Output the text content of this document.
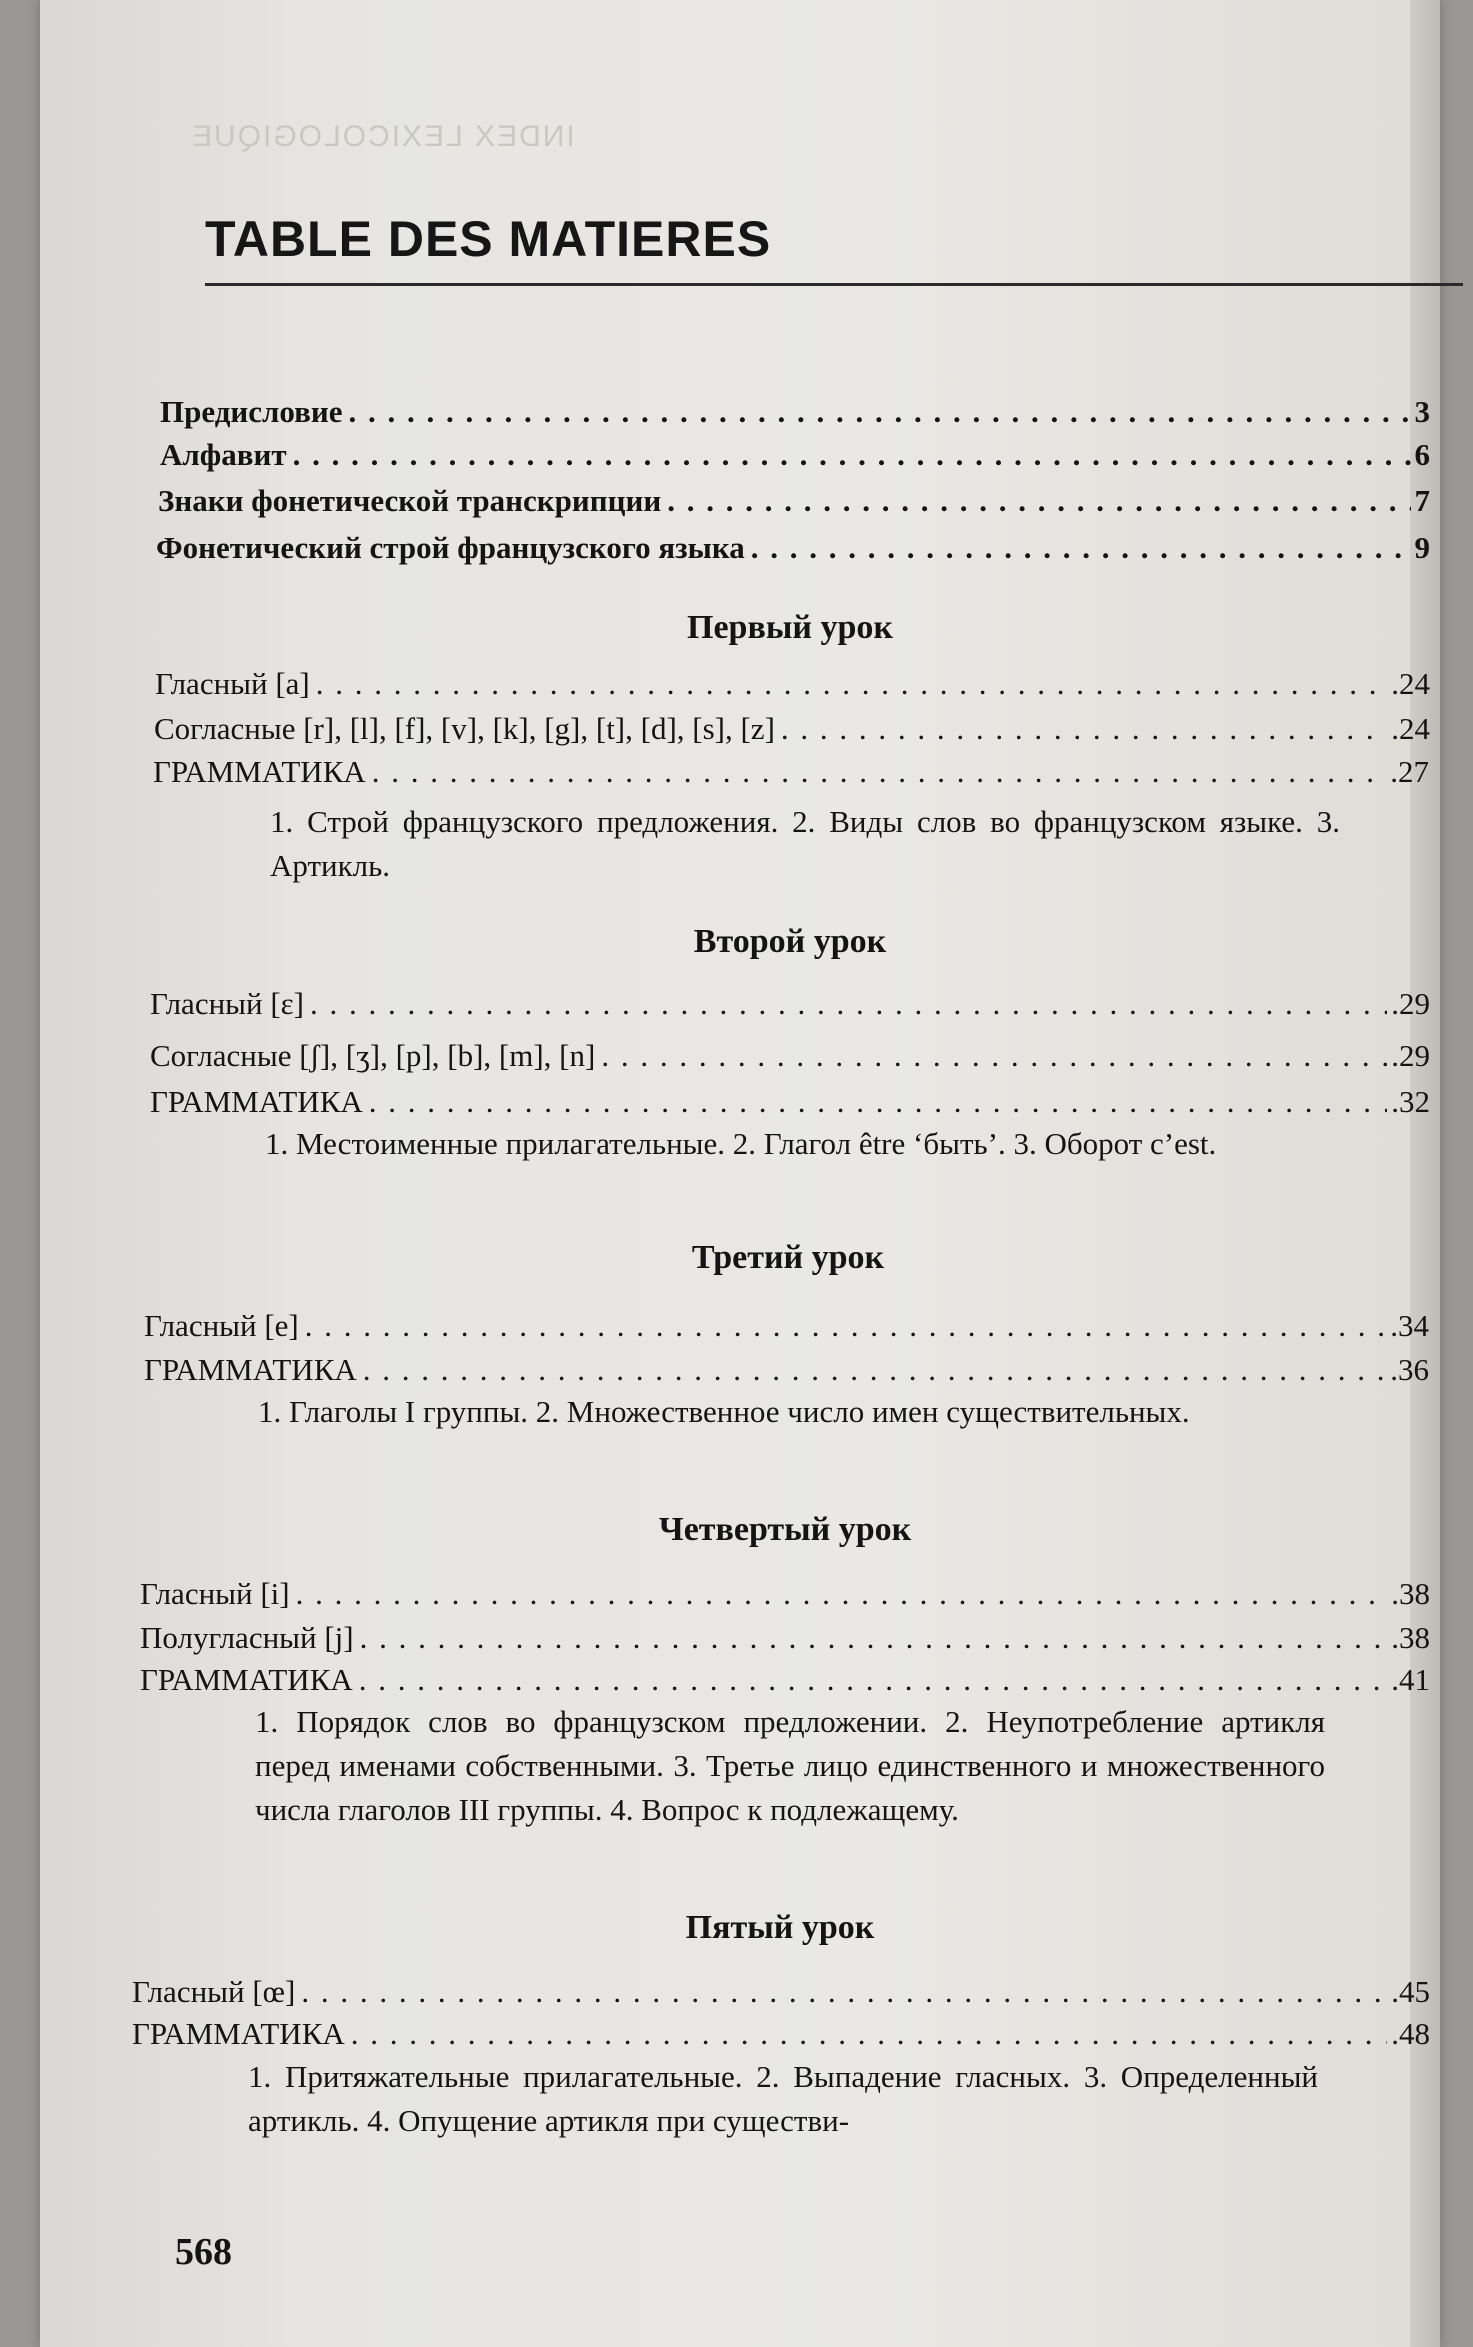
INDEX LEXICOLOGIQUE
TABLE DES MATIERES
Предисловие . . .	3
Алфавит . . .	6
Знаки фонетической транскрипции . . .	7
Фонетический строй французского языка . . .	9
Первый урок
Гласный [a] . . .	.24
Согласные [r], [l], [f], [v], [k], [g], [t], [d], [s], [z] . . .	.24
ГРАММАТИКА . . .	.27
1. Строй французского предложения. 2. Виды слов во французском языке. 3. Артикль.
Второй урок
Гласный [ɛ] . . .	.29
Согласные [ʃ], [ʒ], [p], [b], [m], [n] . . .	.29
ГРАММАТИКА . . .	.32
1. Местоименные прилагательные. 2. Глагол être ‘быть’. 3. Оборот c’est.
Третий урок
Гласный [e] . . .	.34
ГРАММАТИКА . . .	.36
1. Глаголы I группы. 2. Множественное число имен существительных.
Четвертый урок
Гласный [i] . . .	.38
Полугласный [j] . . .	.38
ГРАММАТИКА . . .	.41
1. Порядок слов во французском предложении. 2. Неупотребление артикля перед именами собственными. 3. Третье лицо единственного и множественного числа глаголов III группы. 4. Вопрос к подлежащему.
Пятый урок
Гласный [œ] . . .	.45
ГРАММАТИКА . . .	.48
1. Притяжательные прилагательные. 2. Выпадение гласных. 3. Определенный артикль. 4. Опущение артикля при существи-
568
